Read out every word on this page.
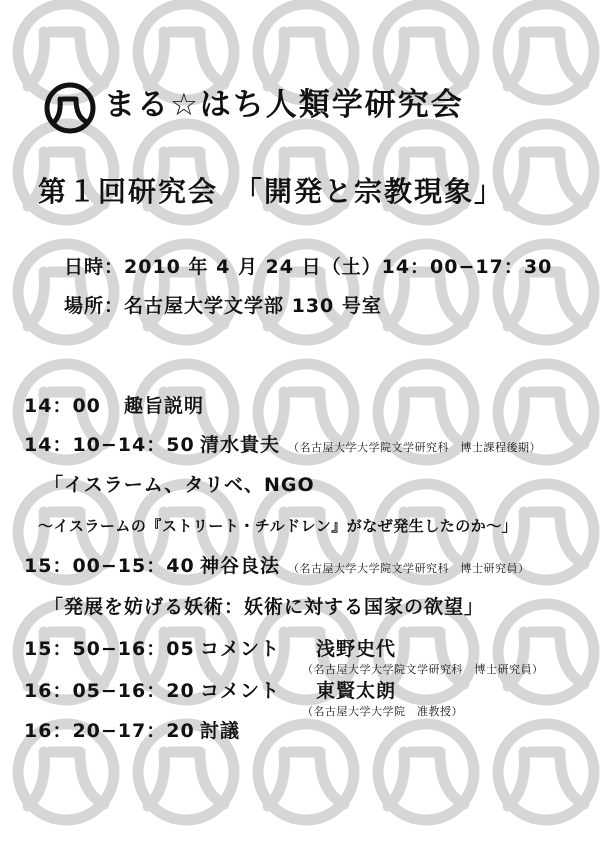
まる☆はち人類学研究会
第１回研究会　「開発と宗教現象」
日時：2010 年 4 月 24 日（土）14：00−17：30
場所：名古屋大学文学部 130 号室
14：00 趣旨説明
14：10−14：50 清水貴夫 （名古屋大学大学院文学研究科　博士課程後期）
「イスラーム、タリベ、NGO
〜イスラームの『ストリート・チルドレン』がなぜ発生したのか〜」
15：00−15：40 神谷良法 （名古屋大学大学院文学研究科　博士研究員）
「発展を妨げる妖術：妖術に対する国家の欲望」
15：50−16：05 コメント 浅野史代
（名古屋大学大学院文学研究科　博士研究員）
16：05−16：20 コメント 東賢太朗
（名古屋大学大学院　准教授）
16：20−17：20 討議
